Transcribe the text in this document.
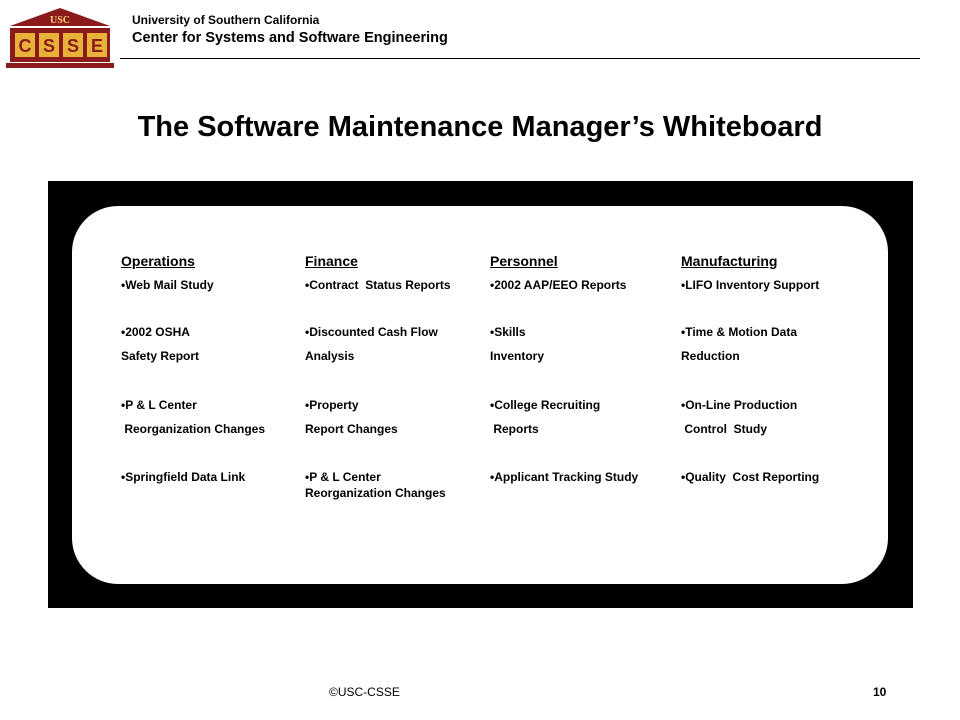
USC
C S S E
University of Southern California
Center for Systems and Software Engineering
The Software Maintenance Manager’s Whiteboard
Operations
•Web Mail Study
•2002 OSHA
Safety Report
•P & L Center
Reorganization Changes
•Springfield Data Link
Finance
•Contract  Status Reports
•Discounted Cash Flow
Analysis
•Property
Report Changes
•P & L Center
Reorganization Changes
Personnel
•2002 AAP/EEO Reports
•Skills
Inventory
•College Recruiting
Reports
•Applicant Tracking Study
Manufacturing
•LIFO Inventory Support
•Time & Motion Data
Reduction
•On-Line Production
Control  Study
•Quality  Cost Reporting
©USC-CSSE	10
